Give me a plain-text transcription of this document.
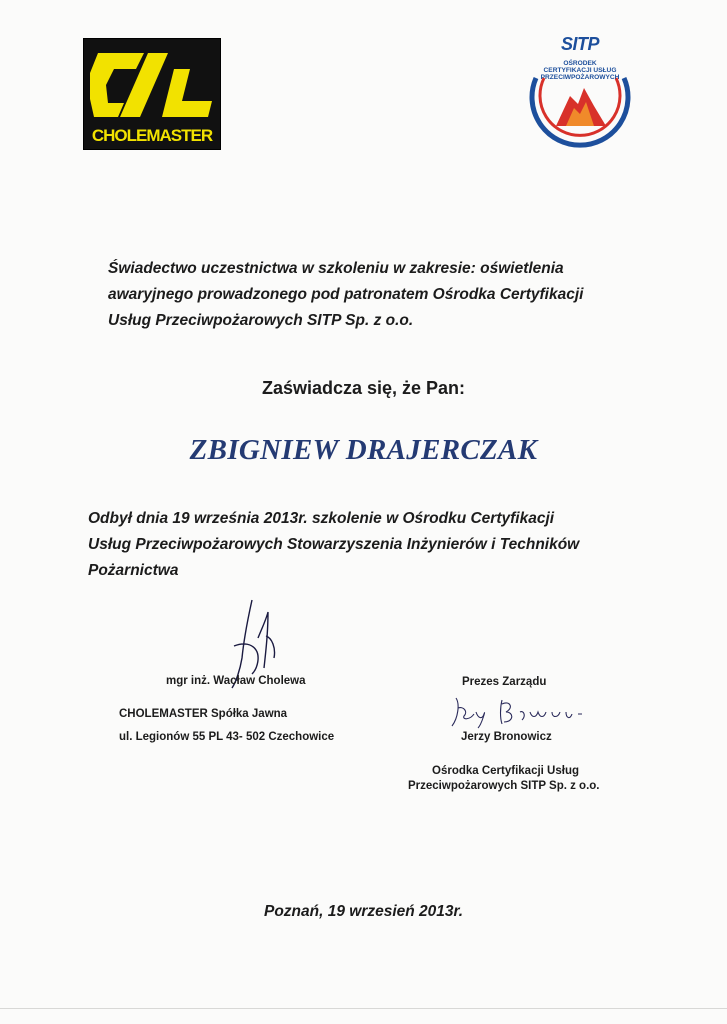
CHOLEMASTER
SITP
OŚRODEK
CERTYFIKACJI USŁUG
PRZECIWPOŻAROWYCH
Świadectwo uczestnictwa w szkoleniu w zakresie: oświetlenia
awaryjnego prowadzonego pod patronatem Ośrodka Certyfikacji
Usług Przeciwpożarowych SITP Sp. z o.o.
Zaświadcza się, że Pan:
ZBIGNIEW DRAJERCZAK
Odbył dnia 19 września 2013r. szkolenie w Ośrodku Certyfikacji
Usług Przeciwpożarowych Stowarzyszenia Inżynierów i Techników
Pożarnictwa
mgr inż. Wacław Cholewa
CHOLEMASTER Spółka Jawna
ul. Legionów 55 PL 43- 502 Czechowice
Prezes Zarządu
Jerzy Bronowicz
Ośrodka Certyfikacji Usług
Przeciwpożarowych SITP Sp. z o.o.
Poznań, 19 wrzesień 2013r.
